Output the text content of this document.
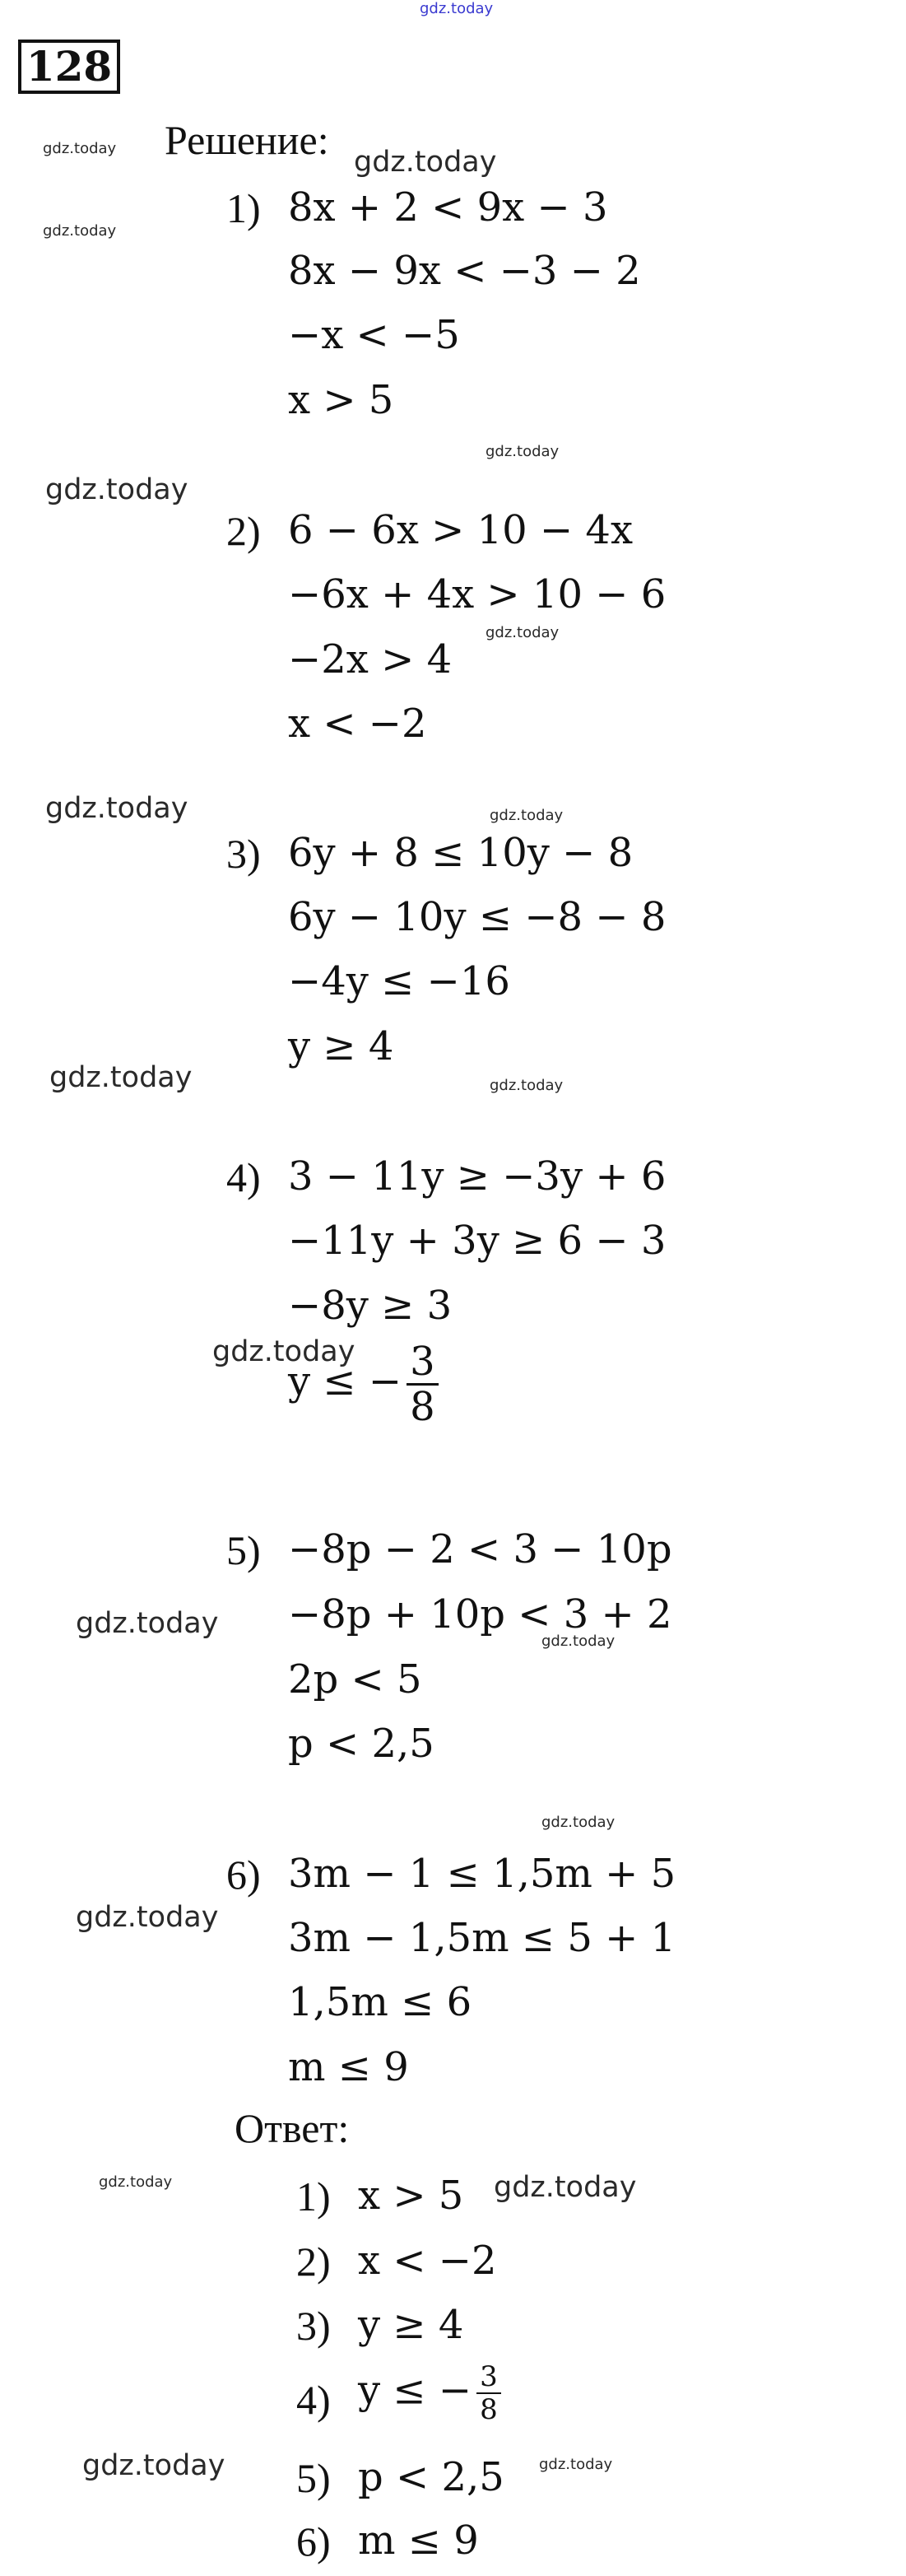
gdz.today
128
Решение:
1) 8x + 2 < 9x − 3
8x − 9x < −3 − 2
−x < −5
x > 5
2) 6 − 6x > 10 − 4x
−6x + 4x > 10 − 6
−2x > 4
x < −2
3) 6y + 8 ≤ 10y − 8
6y − 10y ≤ −8 − 8
−4y ≤ −16
y ≥ 4
4) 3 − 11y ≥ −3y + 6
−11y + 3y ≥ 6 − 3
−8y ≥ 3
y ≤ − $\frac{3}{8}$
5) −8p − 2 < 3 − 10p
−8p + 10p < 3 + 2
2p < 5
p < 2,5
6) 3m − 1 ≤ 1,5m + 5
3m − 1,5m ≤ 5 + 1
1,5m ≤ 6
m ≤ 9
Ответ:
1) x > 5
2) x < −2
3) y ≥ 4
4) y ≤ − $\frac{3}{8}$
5) p < 2,5
6) m ≤ 9
gdz.today
gdz.today
gdz.today
gdz.today
gdz.today
gdz.today
gdz.today	gdz.today
gdz.today	gdz.today
gdz.today
gdz.today
gdz.today
gdz.today
gdz.today
gdz.today	gdz.today
gdz.today	gdz.today
